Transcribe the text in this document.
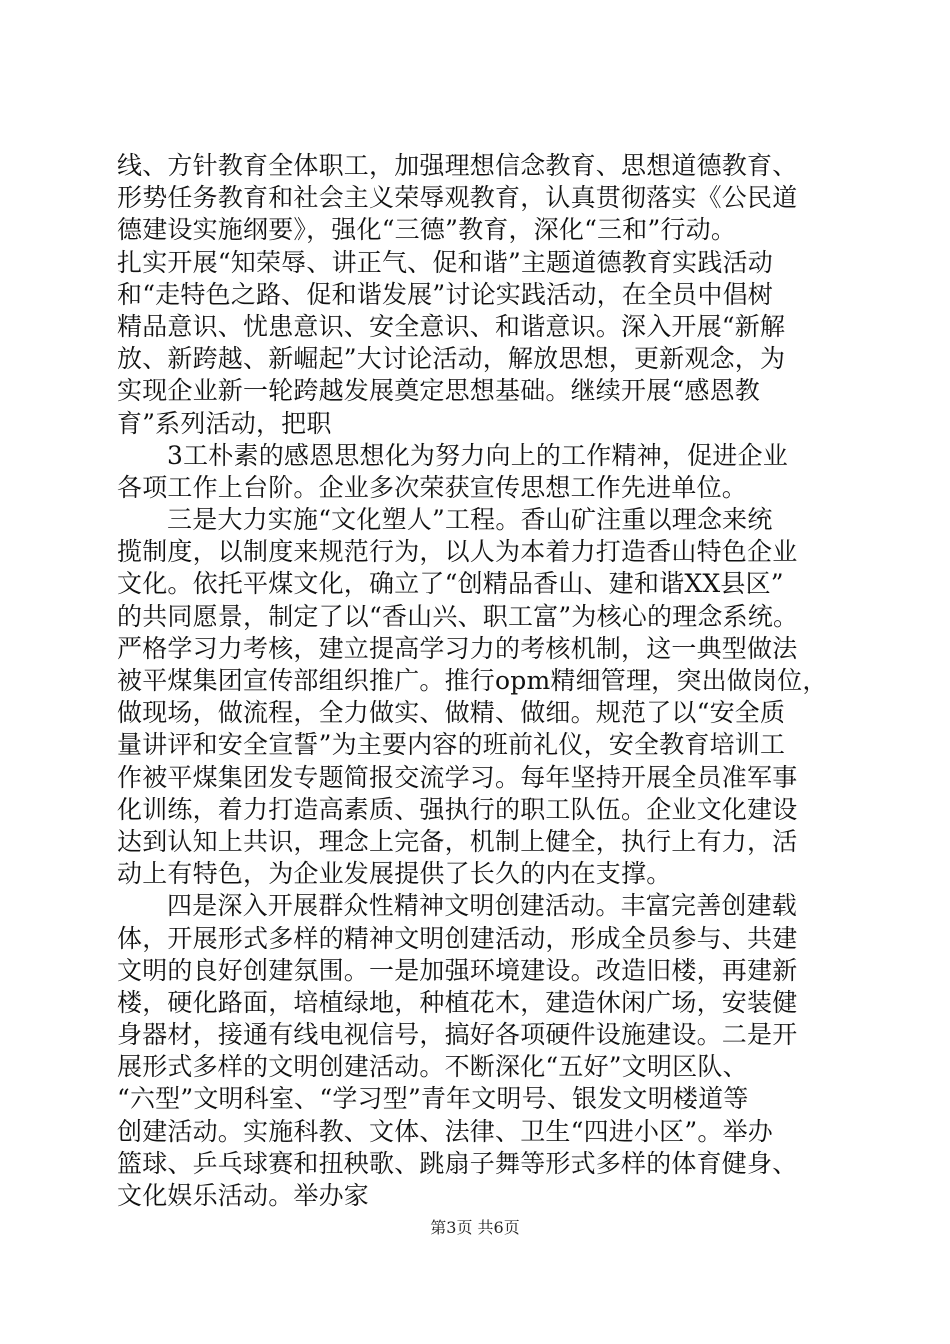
线、方针教育全体职工，加强理想信念教育、思想道德教育、
形势任务教育和社会主义荣辱观教育，认真贯彻落实《公民道
德建设实施纲要》，强化“三德”教育，深化“三和”行动。
扎实开展“知荣辱、讲正气、促和谐”主题道德教育实践活动
和“走特色之路、促和谐发展”讨论实践活动，在全员中倡树
精品意识、忧患意识、安全意识、和谐意识。深入开展“新解
放、新跨越、新崛起”大讨论活动，解放思想，更新观念，为
实现企业新一轮跨越发展奠定思想基础。继续开展“感恩教
育”系列活动，把职
3工朴素的感恩思想化为努力向上的工作精神，促进企业
各项工作上台阶。企业多次荣获宣传思想工作先进单位。
三是大力实施“文化塑人”工程。香山矿注重以理念来统
揽制度，以制度来规范行为，以人为本着力打造香山特色企业
文化。依托平煤文化，确立了“创精品香山、建和谐XX县区”
的共同愿景，制定了以“香山兴、职工富”为核心的理念系统。
严格学习力考核，建立提高学习力的考核机制，这一典型做法
被平煤集团宣传部组织推广。推行opm精细管理，突出做岗位，
做现场，做流程，全力做实、做精、做细。规范了以“安全质
量讲评和安全宣誓”为主要内容的班前礼仪，安全教育培训工
作被平煤集团发专题简报交流学习。每年坚持开展全员准军事
化训练，着力打造高素质、强执行的职工队伍。企业文化建设
达到认知上共识，理念上完备，机制上健全，执行上有力，活
动上有特色，为企业发展提供了长久的内在支撑。
四是深入开展群众性精神文明创建活动。丰富完善创建载
体，开展形式多样的精神文明创建活动，形成全员参与、共建
文明的良好创建氛围。一是加强环境建设。改造旧楼，再建新
楼，硬化路面，培植绿地，种植花木，建造休闲广场，安装健
身器材，接通有线电视信号，搞好各项硬件设施建设。二是开
展形式多样的文明创建活动。不断深化“五好”文明区队、
“六型”文明科室、“学习型”青年文明号、银发文明楼道等
创建活动。实施科教、文体、法律、卫生“四进小区”。举办
篮球、乒乓球赛和扭秧歌、跳扇子舞等形式多样的体育健身、
文化娱乐活动。举办家
第3页 共6页
